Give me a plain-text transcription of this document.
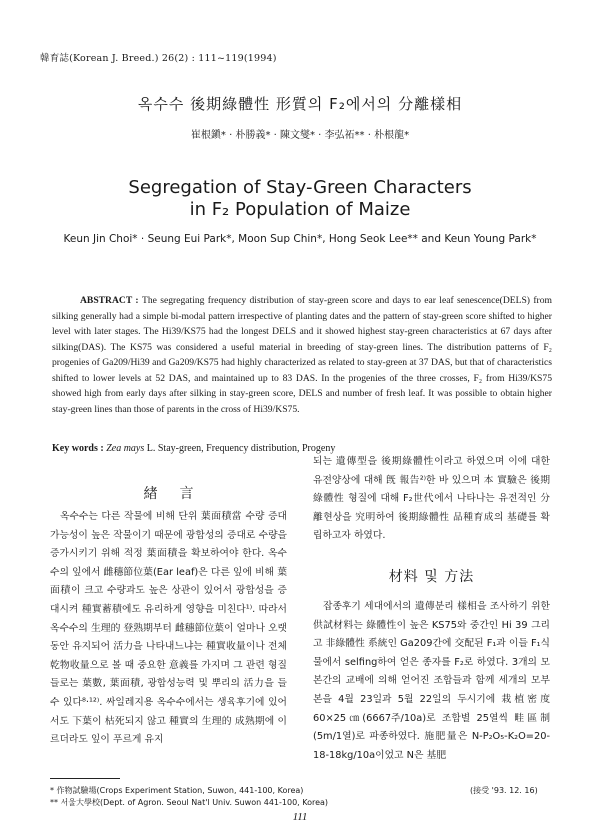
韓育誌(Korean J. Breed.) 26(2) : 111~119(1994)
옥수수 後期綠體性 形質의 F₂에서의 分離樣相
崔根鎭* · 朴勝義* · 陳文燮* · 李弘祏** · 朴根龍*
Segregation of Stay-Green Characters
in F₂ Population of Maize
Keun Jin Choi* · Seung Eui Park*, Moon Sup Chin*, Hong Seok Lee** and Keun Young Park*
ABSTRACT : The segregating frequency distribution of stay-green score and days to ear leaf senescence(DELS) from silking generally had a simple bi-modal pattern irrespective of planting dates and the pattern of stay-green score shifted to higher level with later stages. The Hi39/KS75 had the longest DELS and it showed highest stay-green characteristics at 67 days after silking(DAS). The KS75 was considered a useful material in breeding of stay-green lines. The distribution patterns of F₂ progenies of Ga209/Hi39 and Ga209/KS75 had highly characterized as related to stay-green at 37 DAS, but that of characteristics shifted to lower levels at 52 DAS, and maintained up to 83 DAS. In the progenies of the three crosses, F₂ from Hi39/KS75 showed high from early days after silking in stay-green score, DELS and number of fresh leaf. It was possible to obtain higher stay-green lines than those of parents in the cross of Hi39/KS75.
Key words : Zea mays L. Stay-green, Frequency distribution, Progeny
緖言

옥수수는 다른 작물에 비해 단위 葉面積當 수량 증대 가능성이 높은 작물이기 때문에 광합성의 증대로 수량을 증가시키기 위해 적정 葉面積을 확보하여야 한다. 옥수수의 잎에서 雌穗節位葉(Ear leaf)은 다른 잎에 비해 葉面積이 크고 수량과도 높은 상관이 있어서 광합성을 증대시켜 種實蓄積에도 유리하게 영향을 미친다¹⁾. 따라서 옥수수의 生理的 登熟期부터 雌穗節位葉이 얼마나 오랫동안 유지되어 活力을 나타내느냐는 種實收量이나 전체 乾物收量으로 볼 때 중요한 意義를 가지며 그 관련 형질들로는 葉數, 葉面積, 광합성능력 및 뿌리의 活力을 들 수 있다⁸·¹²⁾. 싸일레지용 옥수수에서는 생육후기에 있어서도 下葉이 枯死되지 않고 種實의 生理的 成熟期에 이르더라도 잎이 푸르게 유지

되는 遺傳型을 後期綠體性이라고 하였으며 이에 대한 유전양상에 대해 旣 報告²⁾한 바 있으며 本 實驗은 後期綠體性 형질에 대해 F₂世代에서 나타나는 유전적인 分離현상을 究明하여 後期綠體性 品種育成의 基礎를 확립하고자 하였다.
材料 및 方法

잡종후기 세대에서의 遺傳분리 樣相을 조사하기 위한 供試材料는 綠體性이 높은 KS75와 중간인 Hi 39 그리고 非綠體性 系統인 Ga209간에 交配된 F₁과 이들 F₁식물에서 selfing하여 얻은 종자를 F₂로 하였다. 3개의 모본간의 교배에 의해 얻어진 조합들과 함께 세개의 모부본을 4월 23일과 5월 22일의 두시기에 栽植密度 60×25㎝(6667주/10a)로 조합별 25열씩 畦區制(5m/1열)로 파종하였다. 施肥量은 N-P₂O₅-K₂O=20-18-18kg/10a이었고 N은 基肥

* 作物試驗場(Crops Experiment Station, Suwon, 441-100, Korea)
** 서울大學校(Dept. of Agron. Seoul Nat'l Univ. Suwon 441-100, Korea)
(接受 '93. 12. 16)
111
